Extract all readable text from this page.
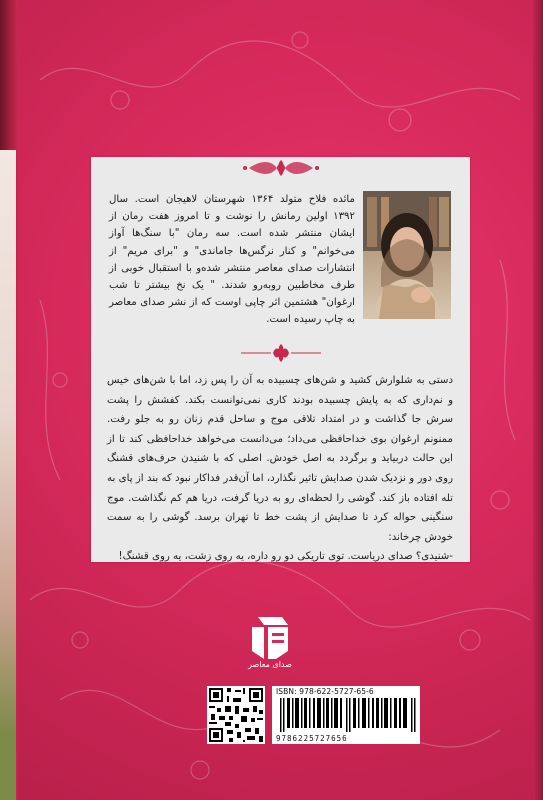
مائده فلاح متولد ۱۳۶۴ شهرستان لاهیجان است. سال ۱۳۹۲ اولین رمانش را نوشت و تا امروز هفت رمان از ایشان منتشر شده است. سه رمان "با سنگ‌ها آواز می‌خوانم" و کنار نرگس‌ها جاماندی" و "برای مریم" از انتشارات صدای معاصر منتشر شده‌و با استقبال خوبی از طرف مخاطبین روبه‌رو شدند. " یک نخ بیشتر تا شب ارغوان" هشتمین اثر چاپی اوست که از نشر صدای معاصر به چاپ رسیده است.
دستی به شلوارش کشید و شن‌های چسبیده به آن را پس زد، اما با شن‌های خیس و نم‌داری که به پایش چسبیده بودند کاری نمی‌توانست بکند. کفشش را پشت سرش جا گذاشت و در امتداد تلاقی موج و ساحل قدم زنان رو به جلو رفت. ممنونم ارغوان بوی خداحافظی می‌داد؛ می‌دانست می‌خواهد خداحافظی کند تا از این حالت دربیاید و برگردد به اصل خودش. اصلی که با شنیدن حرف‌های قشنگ روی دور و نزدیک شدن صدایش تاثیر نگذارد، اما آن‌قدر فداکار نبود که بند از پای به تله افتاده باز کند. گوشی را لحظه‌ای رو به دریا گرفت، دریا هم کم نگذاشت. موج سنگینی حواله کرد تا صدایش از پشت خط تا تهران برسد. گوشی را به سمت خودش چرخاند:
-شنیدی؟ صدای دریاست. توی تاریکی دو رو داره، یه روی زشت، یه روی قشنگ!
صدای معاصر
ISBN: 978-622-5727-65-6
9786225727656
